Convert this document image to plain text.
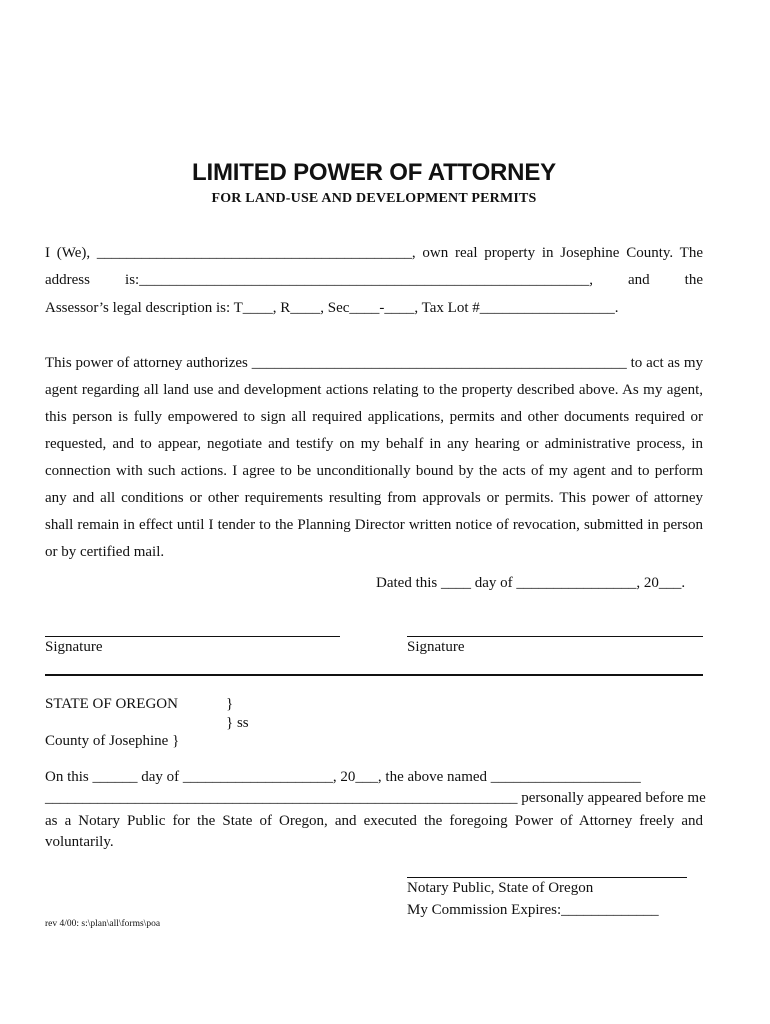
LIMITED POWER OF ATTORNEY
FOR LAND-USE AND DEVELOPMENT PERMITS
I (We), __________________________________________, own real property in Josephine County. The
address is:____________________________________________________________, and the
Assessor’s legal description is: T____, R____, Sec____-____, Tax Lot #__________________.
This power of attorney authorizes __________________________________________________ to act as my
agent regarding all land use and development actions relating to the property described above. As my agent,
this person is fully empowered to sign all required applications, permits and other documents required or
requested, and to appear, negotiate and testify on my behalf in any hearing or administrative process, in
connection with such actions. I agree to be unconditionally bound by the acts of my agent and to perform
any and all conditions or other requirements resulting from approvals or permits. This power of attorney
shall remain in effect until I tender to the Planning Director written notice of revocation, submitted in person
or by certified mail.
Dated this ____ day of ________________, 20___.
Signature	Signature
STATE OF OREGON	}
} ss
County of Josephine }
On this ______ day of ____________________, 20___, the above named ____________________
_______________________________________________________________ personally appeared before me
as a Notary Public for the State of Oregon, and executed the foregoing Power of Attorney freely and
voluntarily.
Notary Public, State of Oregon
My Commission Expires:_____________
rev 4/00: s:\plan\all\forms\poa
